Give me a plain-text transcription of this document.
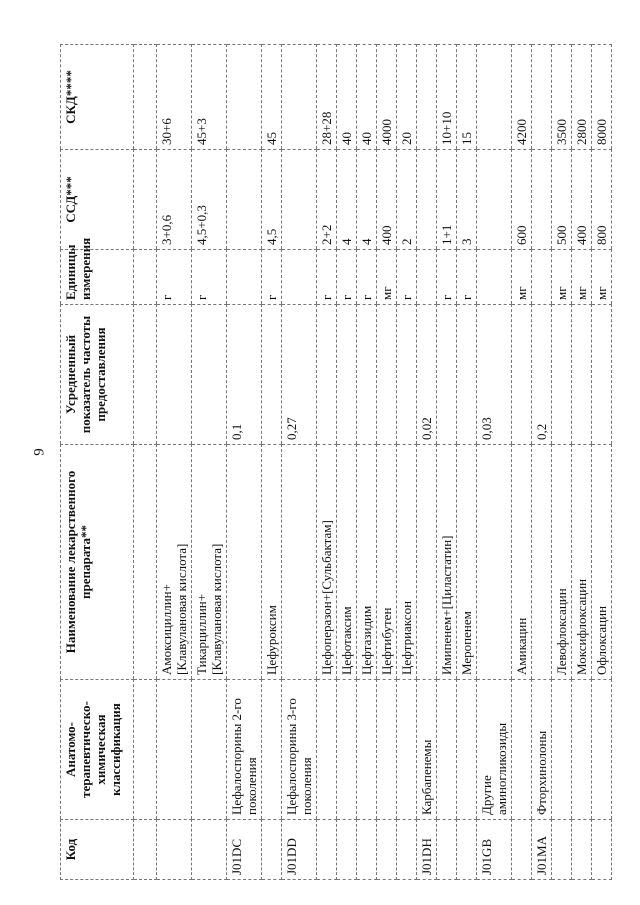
9
Код	Анатомо-терапевтическо-химическая классификация	Наименование лекарственного препарата**	Усредненный показатель частоты предоставления	Единицы измерения	ССД***	СКД****

		Амоксициллин+ [Клавулановая кислота]		г	3+0,6	30+6

		Тикарциллин+ [Клавулановая кислота]		г	4,5+0,3	45+3
J01DC	Цефалоспорины 2-го поколения		0,1			
		Цефуроксим		г	4,5	45
J01DD	Цефалоспорины 3-го поколения		0,27			
		Цефоперазон+[Сульбактам]		г	2+2	28+28
		Цефотаксим		г	4	40
		Цефтазидим		г	4	40
		Цефтибутен		мг	400	4000
		Цефтриаксон		г	2	20
J01DH	Карбапенемы		0,02			
		Имипенем+[Циластатин]		г	1+1	10+10
		Меропенем		г	3	15
J01GB	Другие аминогликозиды		0,03			
		Амикацин		мг	600	4200
J01MA	Фторхинолоны		0,2			
		Левофлоксацин		мг	500	3500
		Моксифлоксацин		мг	400	2800
		Офлоксацин		мг	800	8000
